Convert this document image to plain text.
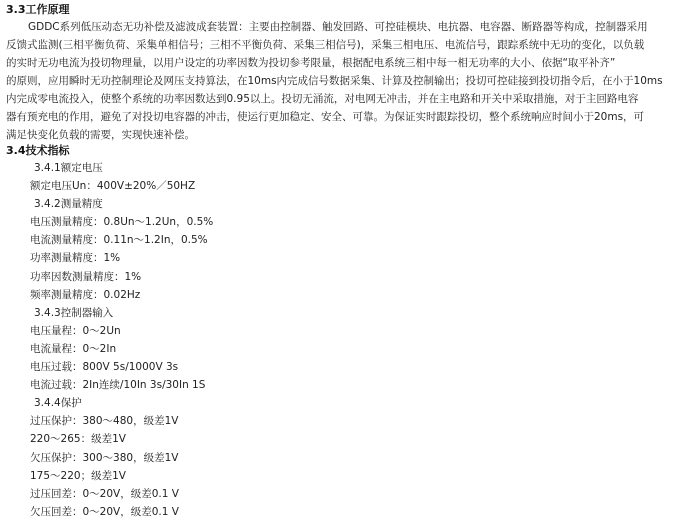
3.3工作原理
GDDC系列低压动态无功补偿及滤波成套装置：主要由控制器、触发回路、可控硅模块、电抗器、电容器、断路器等构成，控制器采用
反馈式监测(三相平衡负荷、采集单相信号；三相不平衡负荷、采集三相信号)，采集三相电压、电流信号，跟踪系统中无功的变化，以负载
的实时无功电流为投切物理量，以用户设定的功率因数为投切参考限量，根据配电系统三相中每一相无功率的大小、依据“取平补齐”
的原则，应用瞬时无功控制理论及网压支持算法，在10ms内完成信号数据采集、计算及控制输出；投切可控硅接到投切指令后，在小于10ms
内完成零电流投入，使整个系统的功率因数达到0.95以上。投切无涌流，对电网无冲击，并在主电路和开关中采取措施，对于主回路电容
器有预充电的作用，避免了对投切电容器的冲击，使运行更加稳定、安全、可靠。为保证实时跟踪投切，整个系统响应时间小于20ms，可
满足快变化负载的需要，实现快速补偿。
3.4技术指标
3.4.1额定电压
额定电压Un：400V±20%／50HZ
3.4.2测量精度
电压测量精度：0.8Un～1.2Un，0.5%
电流测量精度：0.11n～1.2In，0.5%
功率测量精度：1%
功率因数测量精度：1%
频率测量精度：0.02Hz
3.4.3控制器输入
电压量程：0～2Un
电流量程：0～2In
电压过载：800V 5s/1000V 3s
电流过载：2In连续/10In 3s/30In 1S
3.4.4保护
过压保护：380～480，级差1V
220～265：级差1V
欠压保护：300～380，级差1V
175～220；级差1V
过压回差：0～20V，级差0.1 V
欠压回差：0～20V，级差0.1 V
